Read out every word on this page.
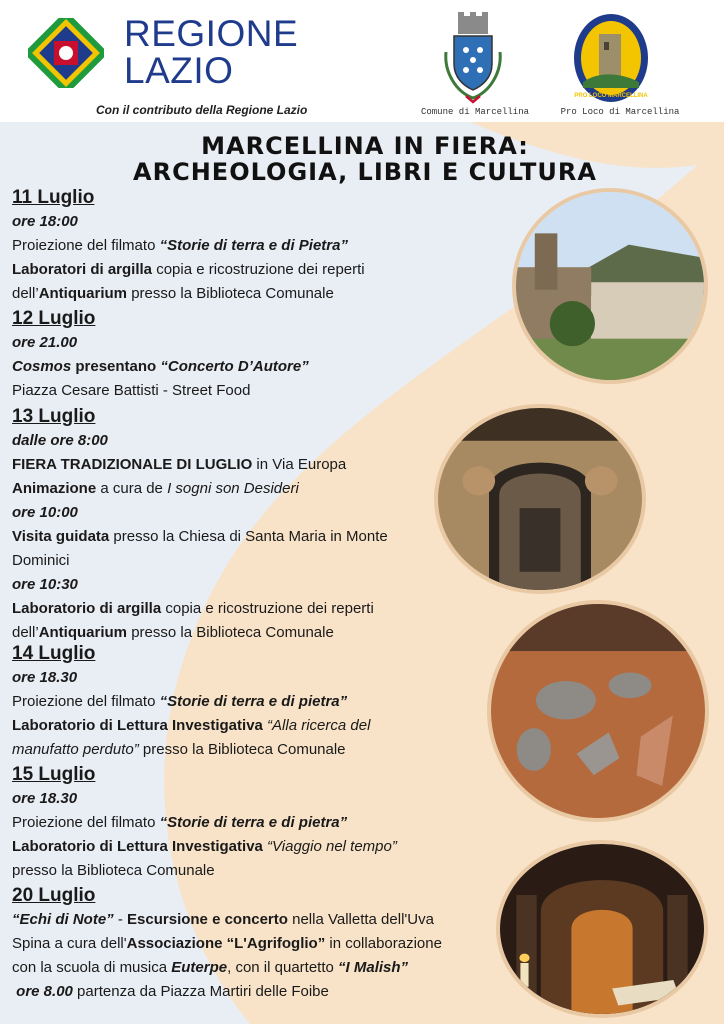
REGIONE
LAZIO
Con il contributo della Regione Lazio	Comune di Marcellina
PRO LOCO MARCELLINA
Pro Loco di Marcellina
MARCELLINA IN FIERA:
ARCHEOLOGIA, LIBRI E CULTURA
11 Luglio
ore 18:00
Proiezione del filmato “Storie di terra e di Pietra”
Laboratori di argilla copia e ricostruzione dei reperti
dell’Antiquarium presso la Biblioteca Comunale
12 Luglio
ore 21.00
Cosmos presentano “Concerto D’Autore”
Piazza Cesare Battisti - Street Food
13 Luglio
dalle ore 8:00
FIERA TRADIZIONALE DI LUGLIO in Via Europa
Animazione a cura de I sogni son Desideri
ore 10:00
Visita guidata presso la Chiesa di Santa Maria in Monte
Dominici
ore 10:30
Laboratorio di argilla copia e ricostruzione dei reperti
dell’Antiquarium presso la Biblioteca Comunale
14 Luglio
ore 18.30
Proiezione del filmato “Storie di terra e di pietra”
Laboratorio di Lettura Investigativa “Alla ricerca del
manufatto perduto” presso la Biblioteca Comunale
15 Luglio
ore 18.30
Proiezione del filmato “Storie di terra e di pietra”
Laboratorio di Lettura Investigativa “Viaggio nel tempo”
presso la Biblioteca Comunale
20 Luglio
“Echi di Note” - Escursione e concerto nella Valletta dell'Uva
Spina a cura dell'Associazione “L'Agrifoglio” in collaborazione
con la scuola di musica Euterpe, con il quartetto “I Malish”
ore 8.00 partenza da Piazza Martiri delle Foibe
